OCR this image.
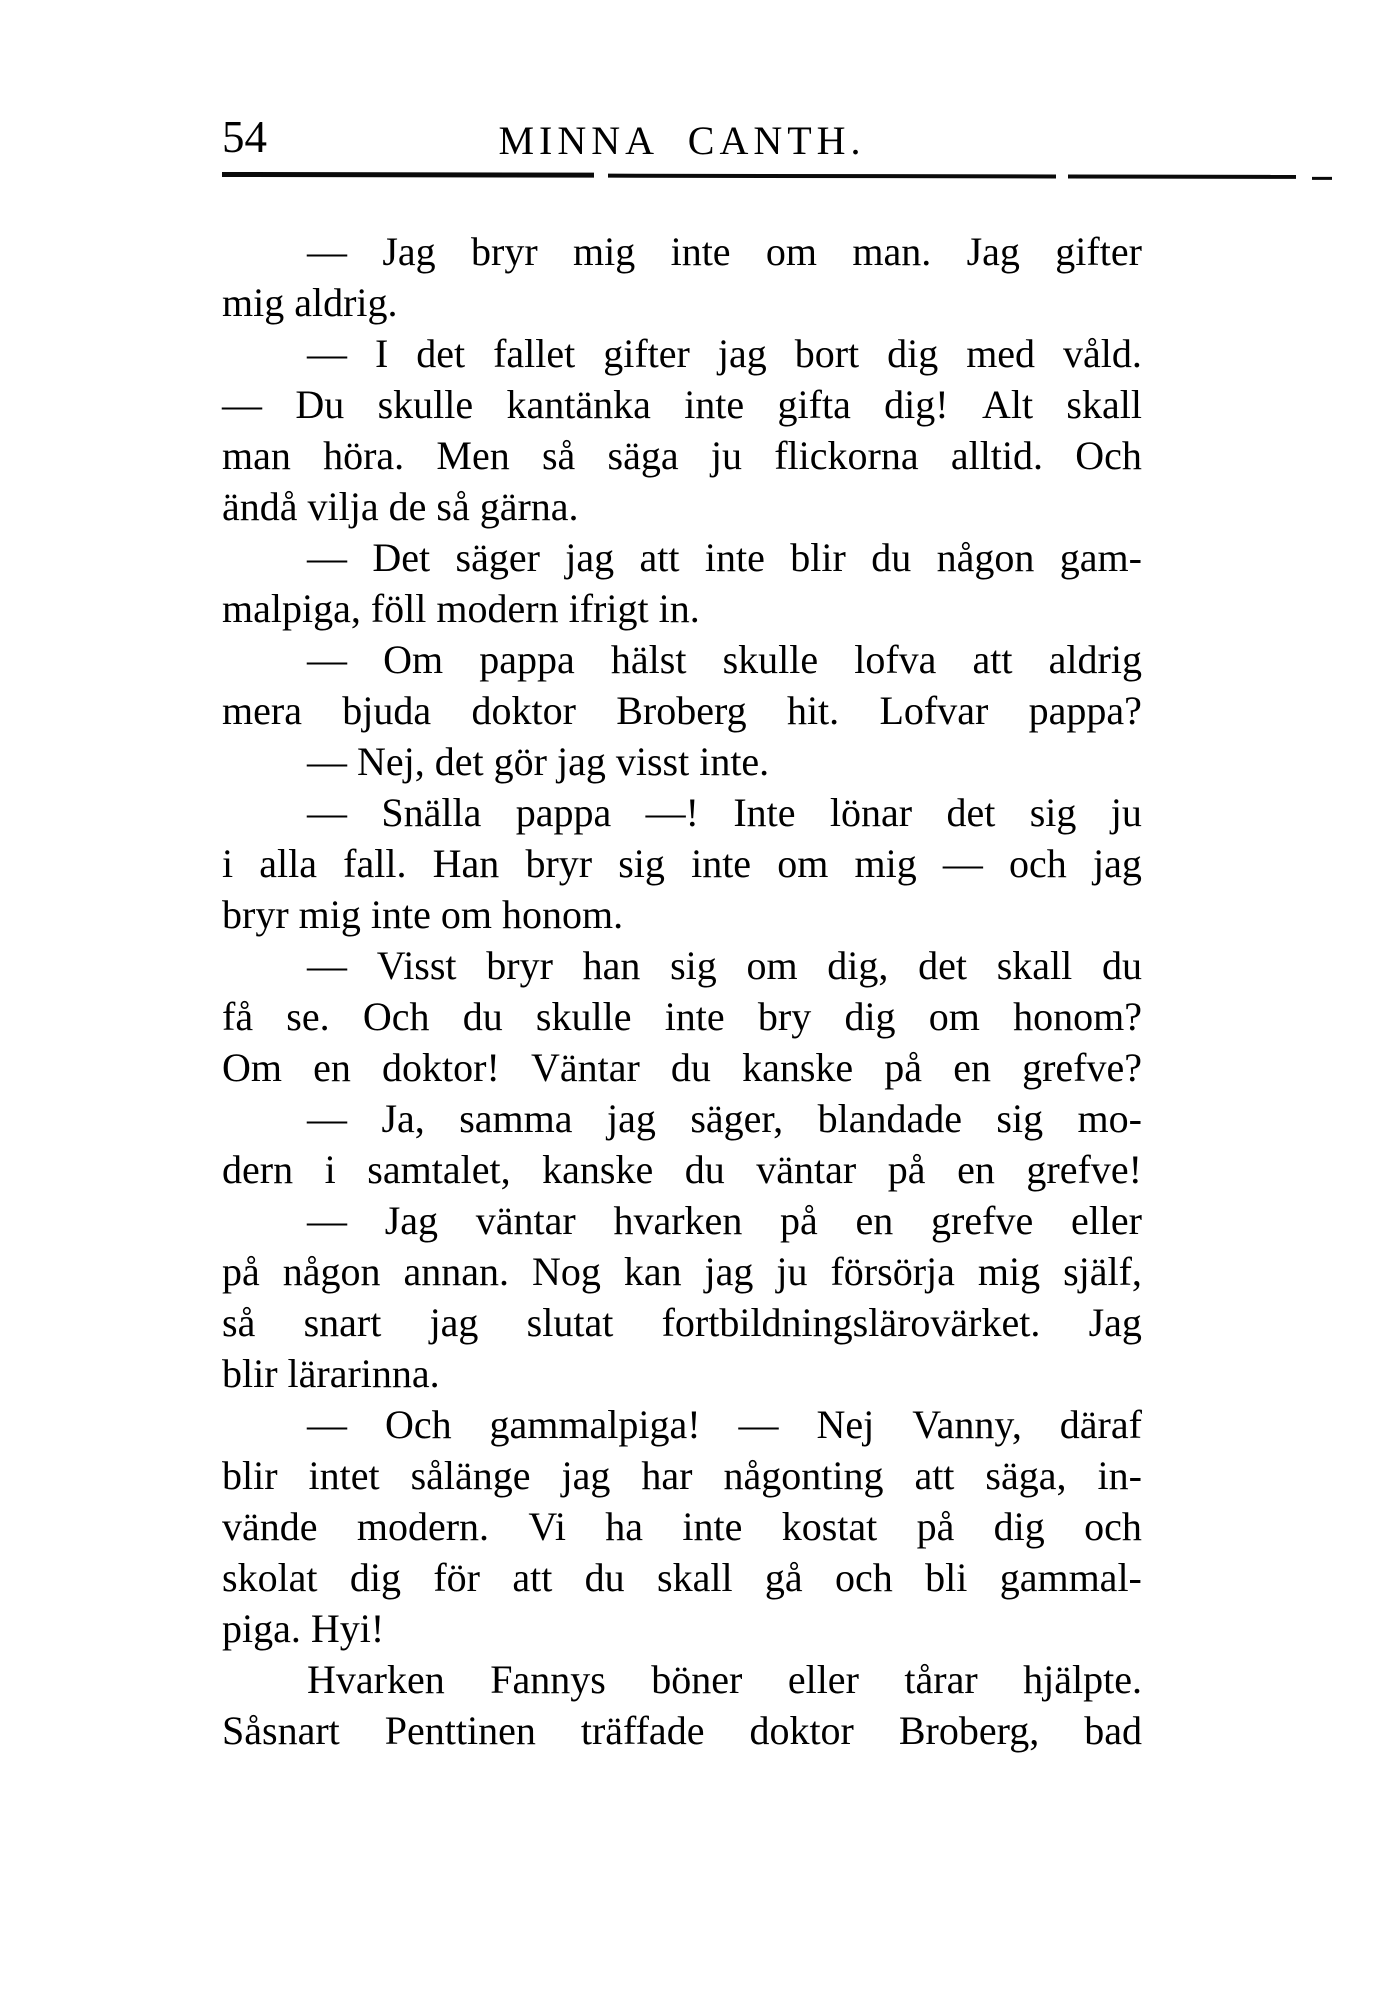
54	MINNA CANTH.
— Jag bryr mig inte om man. Jag gifter
mig aldrig.
— I det fallet gifter jag bort dig med våld.
— Du skulle kantänka inte gifta dig! Alt skall
man höra. Men så säga ju flickorna alltid. Och
ändå vilja de så gärna.
— Det säger jag att inte blir du någon gam-
malpiga, föll modern ifrigt in.
— Om pappa hälst skulle lofva att aldrig
mera bjuda doktor Broberg hit. Lofvar pappa?
— Nej, det gör jag visst inte.
— Snälla pappa —! Inte lönar det sig ju
i alla fall. Han bryr sig inte om mig — och jag
bryr mig inte om honom.
— Visst bryr han sig om dig, det skall du
få se. Och du skulle inte bry dig om honom?
Om en doktor! Väntar du kanske på en grefve?
— Ja, samma jag säger, blandade sig mo-
dern i samtalet, kanske du väntar på en grefve!
— Jag väntar hvarken på en grefve eller
på någon annan. Nog kan jag ju försörja mig själf,
så snart jag slutat fortbildningslärovärket. Jag
blir lärarinna.
— Och gammalpiga! — Nej Vanny, däraf
blir intet sålänge jag har någonting att säga, in-
vände modern. Vi ha inte kostat på dig och
skolat dig för att du skall gå och bli gammal-
piga. Hyi!
Hvarken Fannys böner eller tårar hjälpte.
Såsnart Penttinen träffade doktor Broberg, bad
